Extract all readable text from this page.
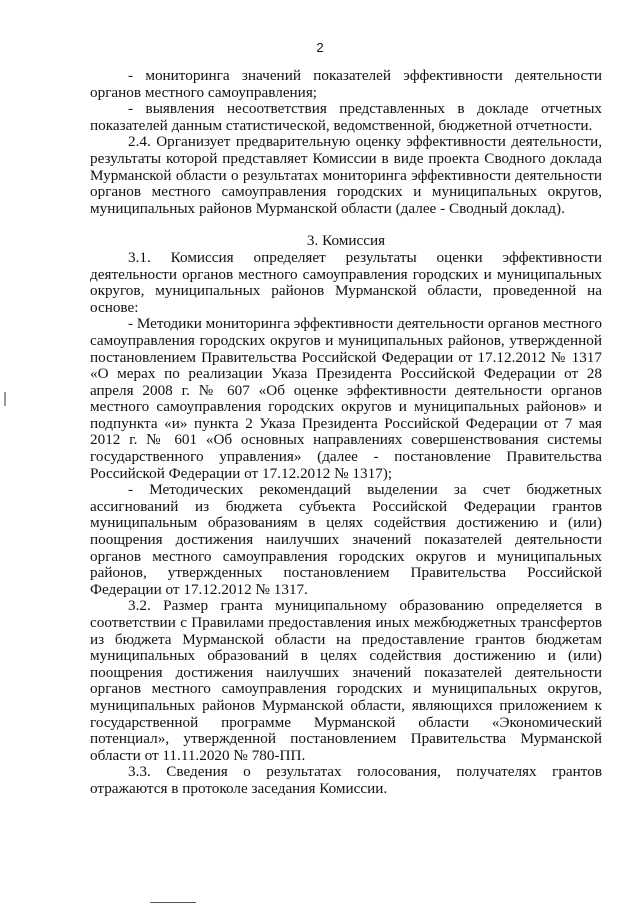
2

- мониторинга значений показателей эффективности деятельности органов местного самоуправления;

- выявления несоответствия представленных в докладе отчетных показателей данным статистической, ведомственной, бюджетной отчетности.

2.4. Организует предварительную оценку эффективности деятельности, результаты которой представляет Комиссии в виде проекта Сводного доклада Мурманской области о результатах мониторинга эффективности деятельности органов местного самоуправления городских и муниципальных округов, муниципальных районов Мурманской области (далее - Сводный доклад).

3. Комиссия

3.1. Комиссия определяет результаты оценки эффективности деятельности органов местного самоуправления городских и муниципальных округов, муниципальных районов Мурманской области, проведенной на основе:

- Методики мониторинга эффективности деятельности органов местного самоуправления городских округов и муниципальных районов, утвержденной постановлением Правительства Российской Федерации от 17.12.2012 № 1317 «О мерах по реализации Указа Президента Российской Федерации от 28 апреля 2008 г. № 607 «Об оценке эффективности деятельности органов местного самоуправления городских округов и муниципальных районов» и подпункта «и» пункта 2 Указа Президента Российской Федерации от 7 мая 2012 г. № 601 «Об основных направлениях совершенствования системы государственного управления» (далее - постановление Правительства Российской Федерации от 17.12.2012 № 1317);

- Методических рекомендаций выделении за счет бюджетных ассигнований из бюджета субъекта Российской Федерации грантов муниципальным образованиям в целях содействия достижению и (или) поощрения достижения наилучших значений показателей деятельности органов местного самоуправления городских округов и муниципальных районов, утвержденных постановлением Правительства Российской Федерации от 17.12.2012 № 1317.

3.2. Размер гранта муниципальному образованию определяется в соответствии с Правилами предоставления иных межбюджетных трансфертов из бюджета Мурманской области на предоставление грантов бюджетам муниципальных образований в целях содействия достижению и (или) поощрения достижения наилучших значений показателей деятельности органов местного самоуправления городских и муниципальных округов, муниципальных районов Мурманской области, являющихся приложением к государственной программе Мурманской области «Экономический потенциал», утвержденной постановлением Правительства Мурманской области от 11.11.2020 № 780-ПП.

3.3. Сведения о результатах голосования, получателях грантов отражаются в протоколе заседания Комиссии.
